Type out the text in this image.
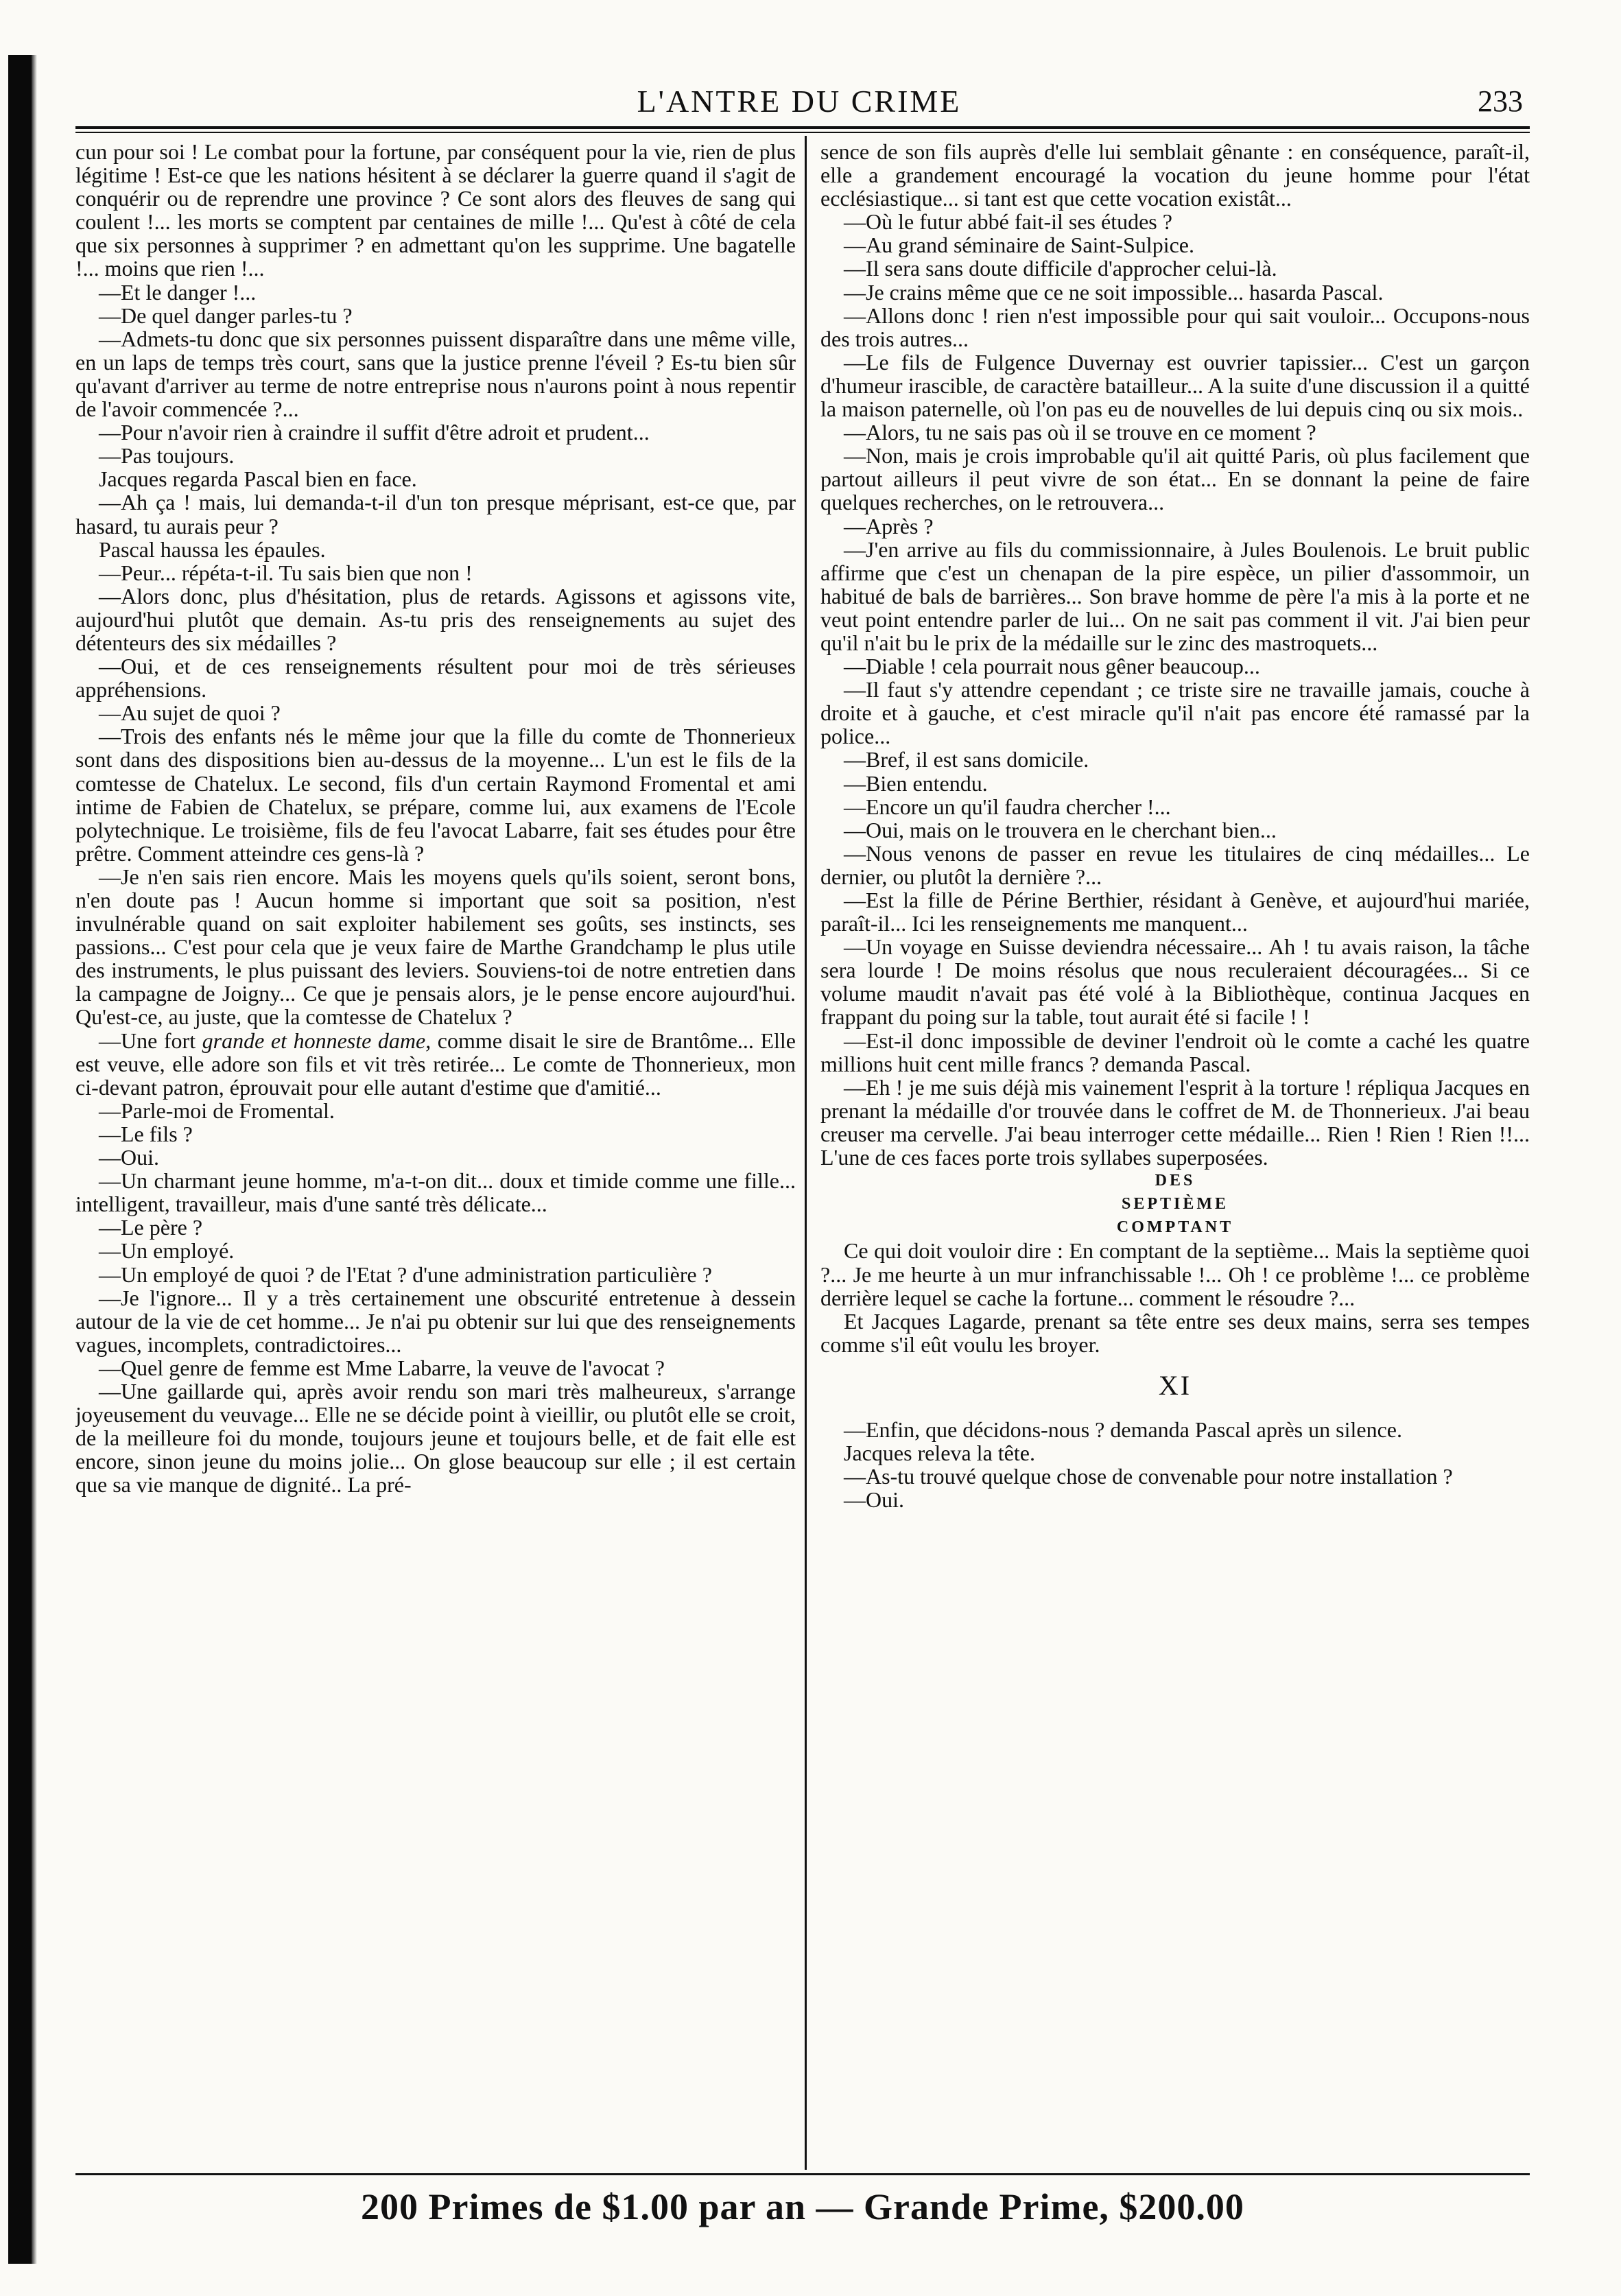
L'ANTRE DU CRIME	233

cun pour soi ! Le combat pour la fortune, par conséquent pour la vie, rien de plus légitime ! Est-ce que les nations hésitent à se déclarer la guerre quand il s'agit de conquérir ou de reprendre une province ? Ce sont alors des fleuves de sang qui coulent !... les morts se comptent par centaines de mille !... Qu'est à côté de cela que six personnes à supprimer ? en admettant qu'on les supprime. Une bagatelle !... moins que rien !...

—Et le danger !...

—De quel danger parles-tu ?

—Admets-tu donc que six personnes puissent disparaître dans une même ville, en un laps de temps très court, sans que la justice prenne l'éveil ? Es-tu bien sûr qu'avant d'arriver au terme de notre entreprise nous n'aurons point à nous repentir de l'avoir commencée ?...

—Pour n'avoir rien à craindre il suffit d'être adroit et prudent...

—Pas toujours.

Jacques regarda Pascal bien en face.

—Ah ça ! mais, lui demanda-t-il d'un ton presque méprisant, est-ce que, par hasard, tu aurais peur ?

Pascal haussa les épaules.

—Peur... répéta-t-il. Tu sais bien que non !

—Alors donc, plus d'hésitation, plus de retards. Agissons et agissons vite, aujourd'hui plutôt que demain. As-tu pris des renseignements au sujet des détenteurs des six médailles ?

—Oui, et de ces renseignements résultent pour moi de très sérieuses appréhensions.

—Au sujet de quoi ?

—Trois des enfants nés le même jour que la fille du comte de Thonnerieux sont dans des dispositions bien au-dessus de la moyenne... L'un est le fils de la comtesse de Chatelux. Le second, fils d'un certain Raymond Fromental et ami intime de Fabien de Chatelux, se prépare, comme lui, aux examens de l'Ecole polytechnique. Le troisième, fils de feu l'avocat Labarre, fait ses études pour être prêtre. Comment atteindre ces gens-là ?

—Je n'en sais rien encore. Mais les moyens quels qu'ils soient, seront bons, n'en doute pas ! Aucun homme si important que soit sa position, n'est invulnérable quand on sait exploiter habilement ses goûts, ses instincts, ses passions... C'est pour cela que je veux faire de Marthe Grandchamp le plus utile des instruments, le plus puissant des leviers. Souviens-toi de notre entretien dans la campagne de Joigny... Ce que je pensais alors, je le pense encore aujourd'hui. Qu'est-ce, au juste, que la comtesse de Chatelux ?

—Une fort grande et honneste dame, comme disait le sire de Brantôme... Elle est veuve, elle adore son fils et vit très retirée... Le comte de Thonnerieux, mon ci-devant patron, éprouvait pour elle autant d'estime que d'amitié...

—Parle-moi de Fromental.

—Le fils ?

—Oui.

—Un charmant jeune homme, m'a-t-on dit... doux et timide comme une fille... intelligent, travailleur, mais d'une santé très délicate...

—Le père ?

—Un employé.

—Un employé de quoi ? de l'Etat ? d'une administration particulière ?

—Je l'ignore... Il y a très certainement une obscurité entretenue à dessein autour de la vie de cet homme... Je n'ai pu obtenir sur lui que des renseignements vagues, incomplets, contradictoires...

—Quel genre de femme est Mme Labarre, la veuve de l'avocat ?

—Une gaillarde qui, après avoir rendu son mari très malheureux, s'arrange joyeusement du veuvage... Elle ne se décide point à vieillir, ou plutôt elle se croit, de la meilleure foi du monde, toujours jeune et toujours belle, et de fait elle est encore, sinon jeune du moins jolie... On glose beaucoup sur elle ; il est certain que sa vie manque de dignité.. La pré-

sence de son fils auprès d'elle lui semblait gênante : en conséquence, paraît-il, elle a grandement encouragé la vocation du jeune homme pour l'état ecclésiastique... si tant est que cette vocation existât...

—Où le futur abbé fait-il ses études ?

—Au grand séminaire de Saint-Sulpice.

—Il sera sans doute difficile d'approcher celui-là.

—Je crains même que ce ne soit impossible... hasarda Pascal.

—Allons donc ! rien n'est impossible pour qui sait vouloir... Occupons-nous des trois autres...

—Le fils de Fulgence Duvernay est ouvrier tapissier... C'est un garçon d'humeur irascible, de caractère batailleur... A la suite d'une discussion il a quitté la maison paternelle, où l'on pas eu de nouvelles de lui depuis cinq ou six mois..

—Alors, tu ne sais pas où il se trouve en ce moment ?

—Non, mais je crois improbable qu'il ait quitté Paris, où plus facilement que partout ailleurs il peut vivre de son état... En se donnant la peine de faire quelques recherches, on le retrouvera...

—Après ?

—J'en arrive au fils du commissionnaire, à Jules Boulenois. Le bruit public affirme que c'est un chenapan de la pire espèce, un pilier d'assommoir, un habitué de bals de barrières... Son brave homme de père l'a mis à la porte et ne veut point entendre parler de lui... On ne sait pas comment il vit. J'ai bien peur qu'il n'ait bu le prix de la médaille sur le zinc des mastroquets...

—Diable ! cela pourrait nous gêner beaucoup...

—Il faut s'y attendre cependant ; ce triste sire ne travaille jamais, couche à droite et à gauche, et c'est miracle qu'il n'ait pas encore été ramassé par la police...

—Bref, il est sans domicile.

—Bien entendu.

—Encore un qu'il faudra chercher !...

—Oui, mais on le trouvera en le cherchant bien...

—Nous venons de passer en revue les titulaires de cinq médailles... Le dernier, ou plutôt la dernière ?...

—Est la fille de Périne Berthier, résidant à Genève, et aujourd'hui mariée, paraît-il... Ici les renseignements me manquent...

—Un voyage en Suisse deviendra nécessaire... Ah ! tu avais raison, la tâche sera lourde ! De moins résolus que nous reculeraient découragées... Si ce volume maudit n'avait pas été volé à la Bibliothèque, continua Jacques en frappant du poing sur la table, tout aurait été si facile ! !

—Est-il donc impossible de deviner l'endroit où le comte a caché les quatre millions huit cent mille francs ? demanda Pascal.

—Eh ! je me suis déjà mis vainement l'esprit à la torture ! répliqua Jacques en prenant la médaille d'or trouvée dans le coffret de M. de Thonnerieux. J'ai beau creuser ma cervelle. J'ai beau interroger cette médaille... Rien ! Rien ! Rien !!... L'une de ces faces porte trois syllabes superposées.

DES

SEPTIÈME

COMPTANT

Ce qui doit vouloir dire : En comptant de la septième... Mais la septième quoi ?... Je me heurte à un mur infranchissable !... Oh ! ce problème !... ce problème derrière lequel se cache la fortune... comment le résoudre ?...

Et Jacques Lagarde, prenant sa tête entre ses deux mains, serra ses tempes comme s'il eût voulu les broyer.

XI

—Enfin, que décidons-nous ? demanda Pascal après un silence.

Jacques releva la tête.

—As-tu trouvé quelque chose de convenable pour notre installation ?

—Oui.

200 Primes de $1.00 par an — Grande Prime, $200.00
